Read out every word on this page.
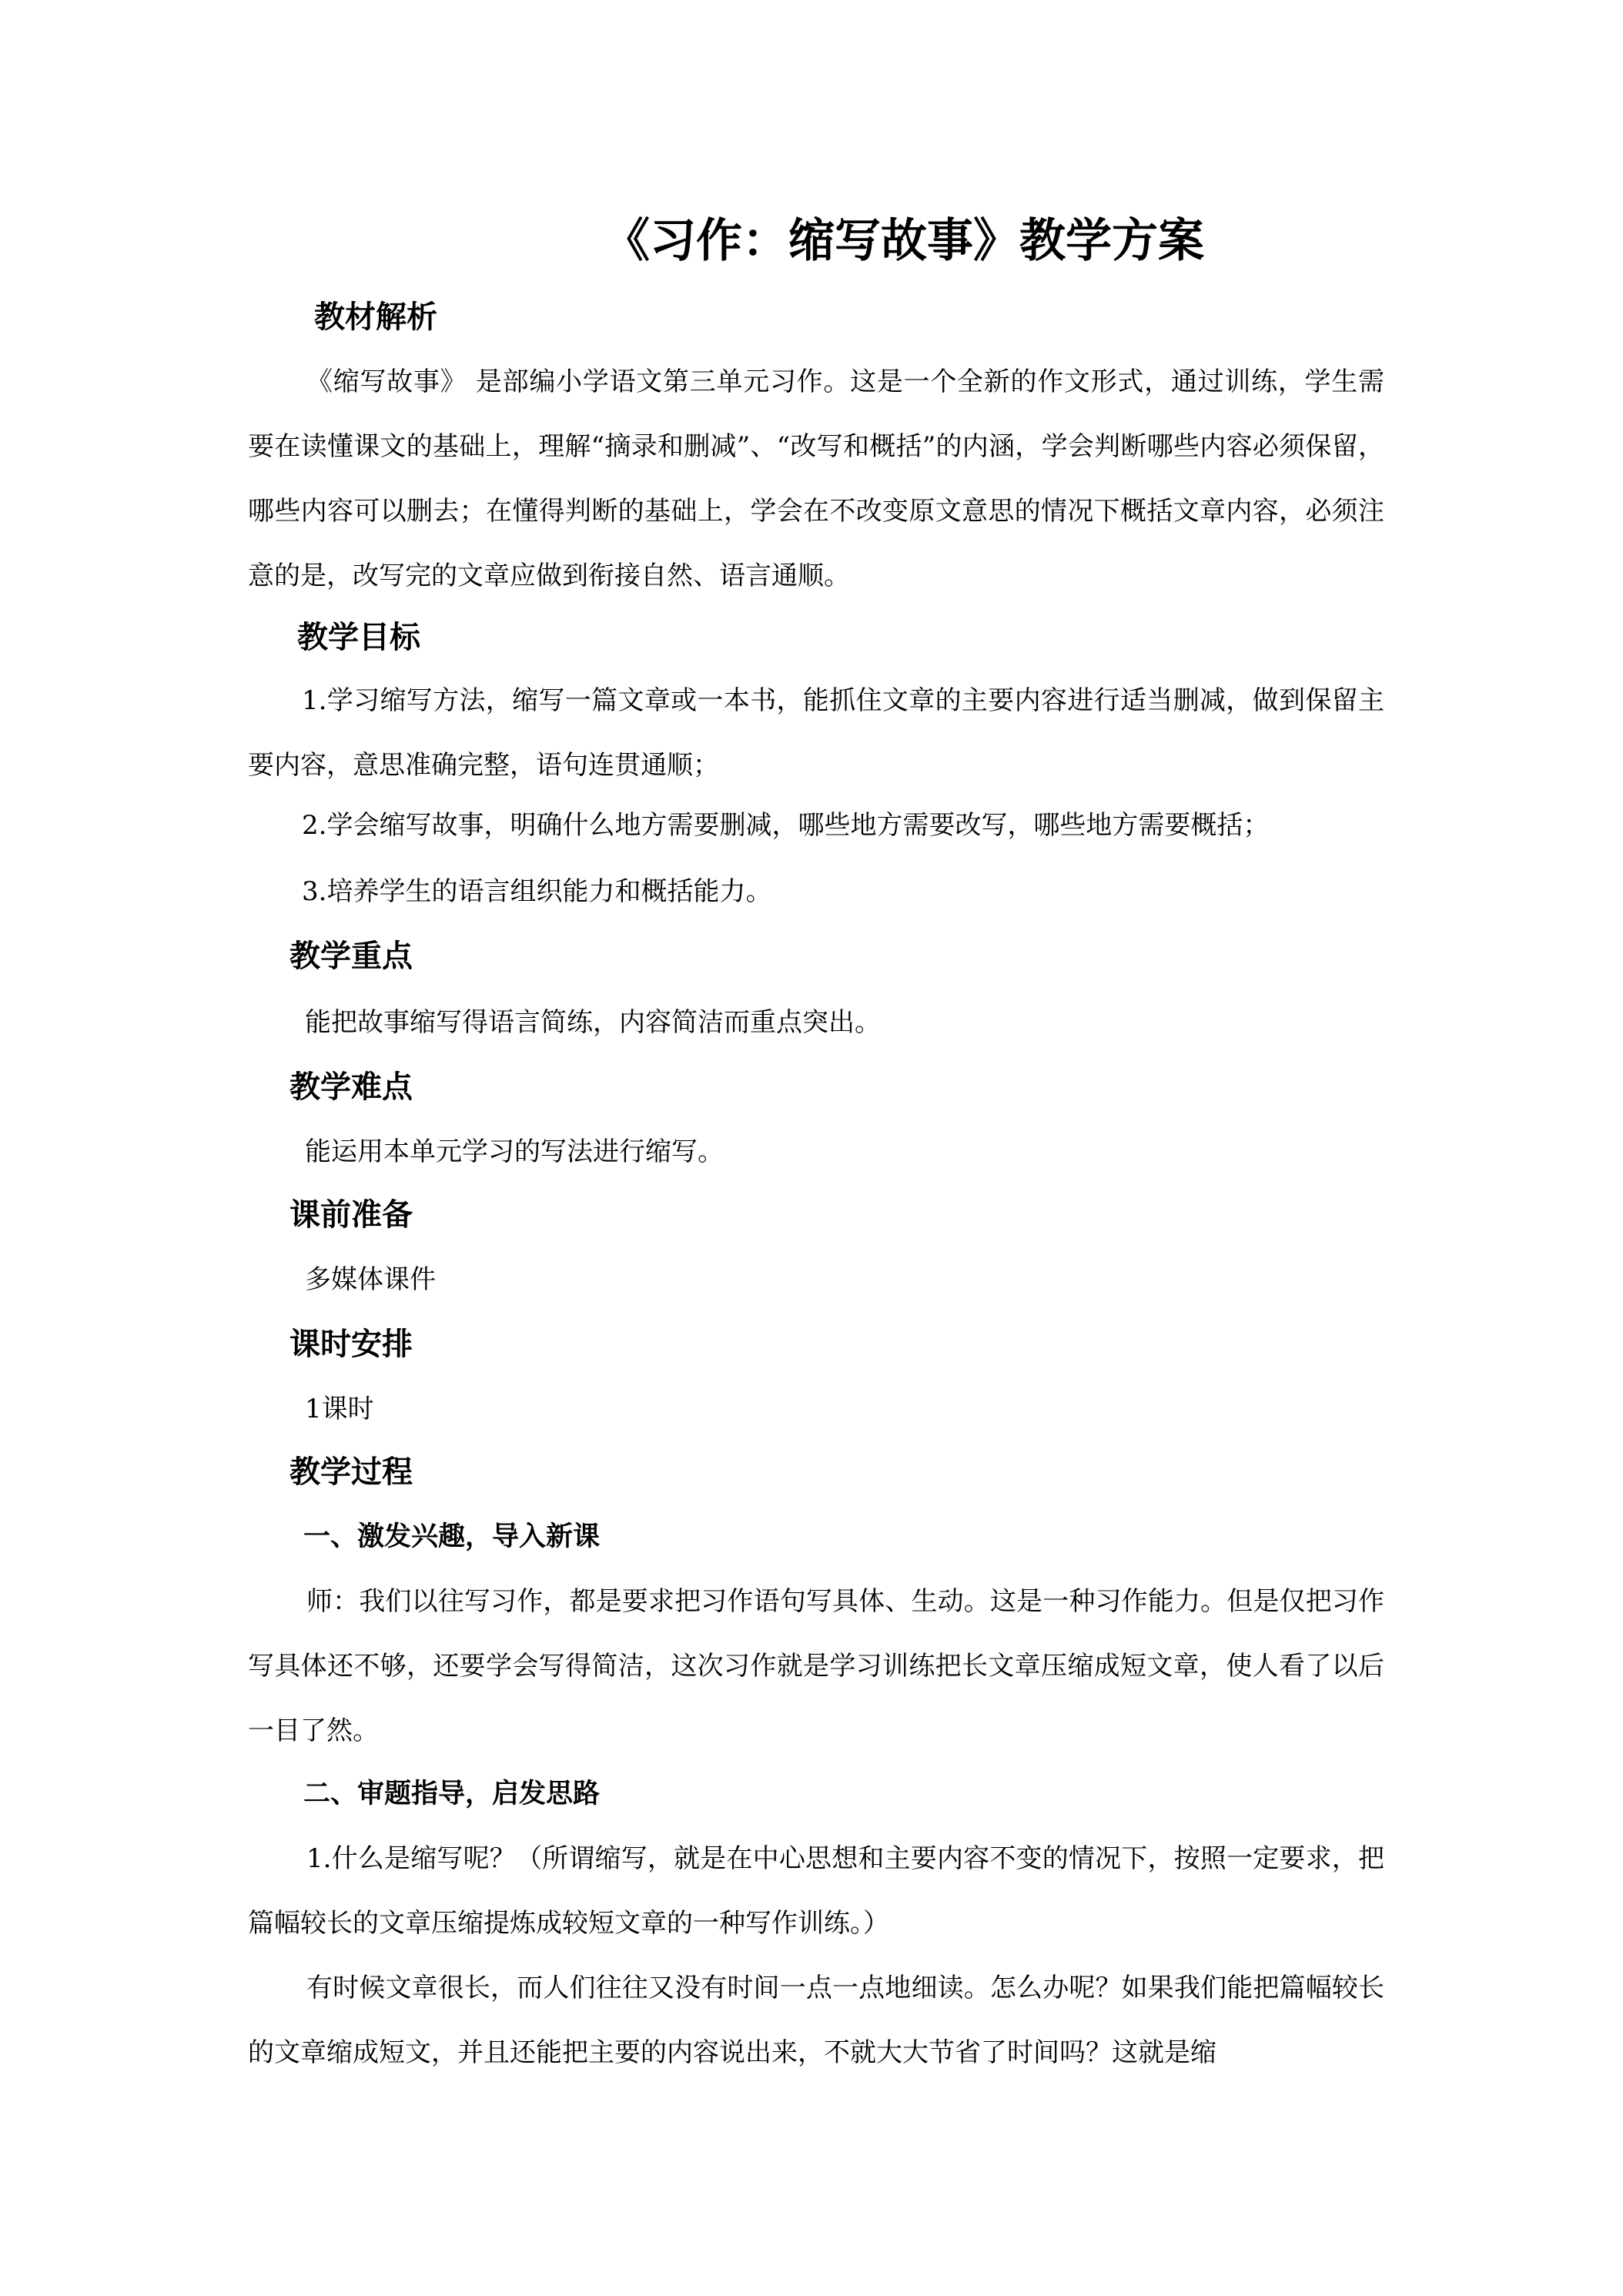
《习作：缩写故事》教学方案
教材解析
《缩写故事》 是部编小学语文第三单元习作。这是一个全新的作文形式，通过训练，学生需要在读懂课文的基础上，理解“摘录和删减”、“改写和概括”的内涵，学会判断哪些内容必须保留，哪些内容可以删去；在懂得判断的基础上，学会在不改变原文意思的情况下概括文章内容，必须注意的是，改写完的文章应做到衔接自然、语言通顺。
教学目标
1.学习缩写方法，缩写一篇文章或一本书，能抓住文章的主要内容进行适当删减，做到保留主要内容，意思准确完整，语句连贯通顺；
2.学会缩写故事，明确什么地方需要删减，哪些地方需要改写，哪些地方需要概括；
3.培养学生的语言组织能力和概括能力。
教学重点
能把故事缩写得语言简练，内容简洁而重点突出。
教学难点
能运用本单元学习的写法进行缩写。
课前准备
多媒体课件
课时安排
1课时
教学过程
一、激发兴趣，导入新课
师：我们以往写习作，都是要求把习作语句写具体、生动。这是一种习作能力。但是仅把习作写具体还不够，还要学会写得简洁，这次习作就是学习训练把长文章压缩成短文章，使人看了以后一目了然。
二、审题指导，启发思路
1.什么是缩写呢？（所谓缩写，就是在中心思想和主要内容不变的情况下，按照一定要求，把篇幅较长的文章压缩提炼成较短文章的一种写作训练。）
有时候文章很长，而人们往往又没有时间一点一点地细读。怎么办呢？如果我们能把篇幅较长的文章缩成短文，并且还能把主要的内容说出来，不就大大节省了时间吗？这就是缩
